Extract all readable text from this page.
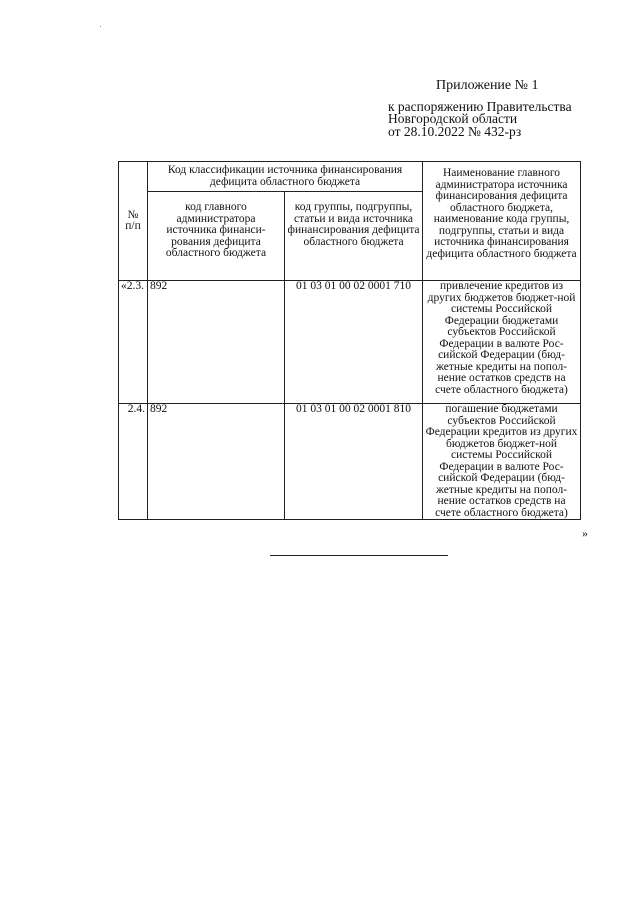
Приложение № 1
к распоряжению Правительства
Новгородской области
от 28.10.2022 № 432-рз
№
п/п	Код классификации источника финансирования дефицита областного бюджета		Наименование главного администратора источника финансирования дефицита областного бюджета, наименование кода группы, подгруппы, статьи и вида источника финансирования дефицита областного бюджета
	код главного администратора источника финанси-рования дефицита областного бюджета	код группы, подгруппы, статьи и вида источника финансирования дефицита областного бюджета	
«2.3.	892	01 03 01 00 02 0001 710	привлечение кредитов из других бюджетов бюджет-ной системы Российской Федерации бюджетами субъектов Российской Федерации в валюте Рос-сийской Федерации (бюд-жетные кредиты на попол-нение остатков средств на счете областного бюджета)
2.4.	892	01 03 01 00 02 0001 810	погашение бюджетами субъектов Российской Федерации кредитов из других бюджетов бюджет-ной системы Российской Федерации в валюте Рос-сийской Федерации (бюд-жетные кредиты на попол-нение остатков средств на счете областного бюджета)
»
